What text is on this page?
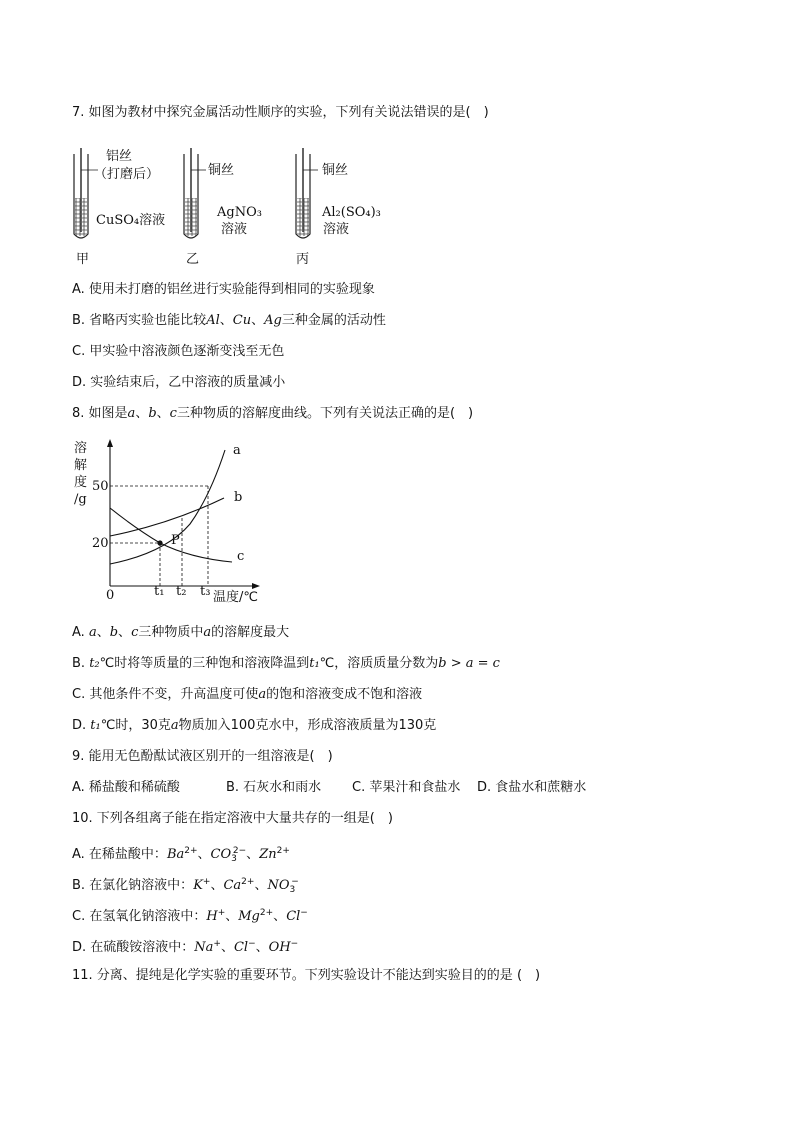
7. 如图为教材中探究金属活动性顺序的实验，下列有关说法错误的是(　)
铝丝
（打磨后）
CuSO₄溶液
甲
铜丝
AgNO₃
溶液
乙
铜丝
Al₂(SO₄)₃
溶液
丙
A. 使用未打磨的铝丝进行实验能得到相同的实验现象
B. 省略丙实验也能比较Al、Cu、Ag三种金属的活动性
C. 甲实验中溶液颜色逐渐变浅至无色
D. 实验结束后，乙中溶液的质量减小
8. 如图是a、b、c三种物质的溶解度曲线。下列有关说法正确的是(　)
溶
解
度
/g
50
20
0	t₁ t₂ t₃ 温度/℃
a
b
c
P
A. a、b、c三种物质中a的溶解度最大
B. t₂℃时将等质量的三种饱和溶液降温到t₁℃，溶质质量分数为b > a = c
C. 其他条件不变，升高温度可使a的饱和溶液变成不饱和溶液
D. t₁℃时，30克a物质加入100克水中，形成溶液质量为130克
9. 能用无色酚酞试液区别开的一组溶液是(　)
A. 稀盐酸和稀硫酸	B. 石灰水和雨水 C. 苹果汁和食盐水 D. 食盐水和蔗糖水
10. 下列各组离子能在指定溶液中大量共存的一组是(　)
A. 在稀盐酸中：$Ba^{2+}$、$CO_3^{2-}$、$Zn^{2+}$
B. 在氯化钠溶液中：K+、$Ca^{2+}$、$NO_3^-$
C. 在氢氧化钠溶液中：H+、$Mg^{2+}$、Cl−
D. 在硫酸铵溶液中：Na+、Cl−、OH−
11. 分离、提纯是化学实验的重要环节。下列实验设计不能达到实验目的的是 (　)
